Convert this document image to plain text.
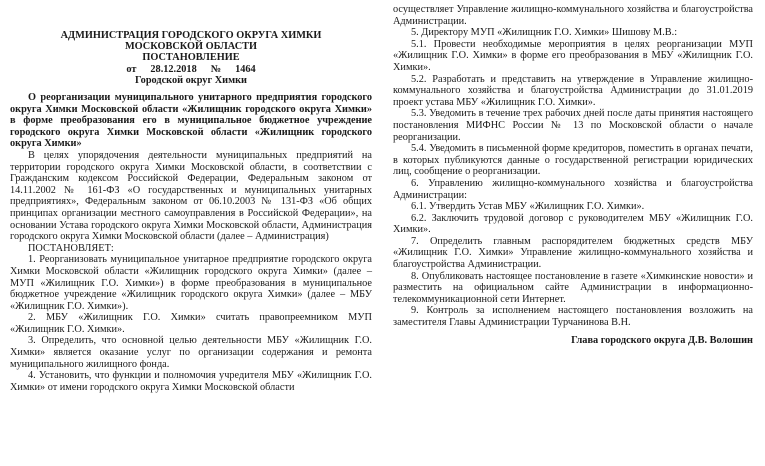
АДМИНИСТРАЦИЯ ГОРОДСКОГО ОКРУГА ХИМКИ
МОСКОВСКОЙ ОБЛАСТИ
ПОСТАНОВЛЕНИЕ
от 28.12.2018 № 1464
Городской округ Химки
О реорганизации муниципального унитарного предприятия городского округа Химки Московской области «Жилищник городского округа Химки» в форме преобразования его в муниципальное бюджетное учреждение городского округа Химки Московской области «Жилищник городского округа Химки»

В целях упорядочения деятельности муниципальных предприятий на территории городского округа Химки Московской области, в соответствии с Гражданским кодексом Российской Федерации, Федеральным законом от 14.11.2002 № 161-ФЗ «О государственных и муниципальных унитарных предприятиях», Федеральным законом от 06.10.2003 № 131-ФЗ «Об общих принципах организации местного самоуправления в Российской Федерации», на основании Устава городского округа Химки Московской области, Администрация городского округа Химки Московской области (далее – Администрация)

ПОСТАНОВЛЯЕТ:

1. Реорганизовать муниципальное унитарное предприятие городского округа Химки Московской области «Жилищник городского округа Химки» (далее – МУП «Жилищник Г.О. Химки») в форме преобразования в муниципальное бюджетное учреждение «Жилищник городского округа Химки» (далее – МБУ «Жилищник Г.О. Химки»).

2. МБУ «Жилищник Г.О. Химки» считать правопреемником МУП «Жилищник Г.О. Химки».

3. Определить, что основной целью деятельности МБУ «Жилищник Г.О. Химки» является оказание услуг по организации содержания и ремонта муниципального жилищного фонда.

4. Установить, что функции и полномочия учредителя МБУ «Жилищник Г.О. Химки» от имени городского округа Химки Московской области

осуществляет Управление жилищно-коммунального хозяйства и благоустройства Администрации.

5. Директору МУП «Жилищник Г.О. Химки» Шишову М.В.:

5.1. Провести необходимые мероприятия в целях реорганизации МУП «Жилищник Г.О. Химки» в форме его преобразования в МБУ «Жилищник Г.О. Химки».

5.2. Разработать и представить на утверждение в Управление жилищно-коммунального хозяйства и благоустройства Администрации до 31.01.2019 проект устава МБУ «Жилищник Г.О. Химки».

5.3. Уведомить в течение трех рабочих дней после даты принятия настоящего постановления МИФНС России № 13 по Московской области о начале реорганизации.

5.4. Уведомить в письменной форме кредиторов, поместить в органах печати, в которых публикуются данные о государственной регистрации юридических лиц, сообщение о реорганизации.

6. Управлению жилищно-коммунального хозяйства и благоустройства Администрации:

6.1. Утвердить Устав МБУ «Жилищник Г.О. Химки».

6.2. Заключить трудовой договор с руководителем МБУ «Жилищник Г.О. Химки».

7. Определить главным распорядителем бюджетных средств МБУ «Жилищник Г.О. Химки» Управление жилищно-коммунального хозяйства и благоустройства Администрации.

8. Опубликовать настоящее постановление в газете «Химкинские новости» и разместить на официальном сайте Администрации в информационно-телекоммуникационной сети Интернет.

9. Контроль за исполнением настоящего постановления возложить на заместителя Главы Администрации Турчанинова В.Н.

Глава городского округа Д.В. Волошин
